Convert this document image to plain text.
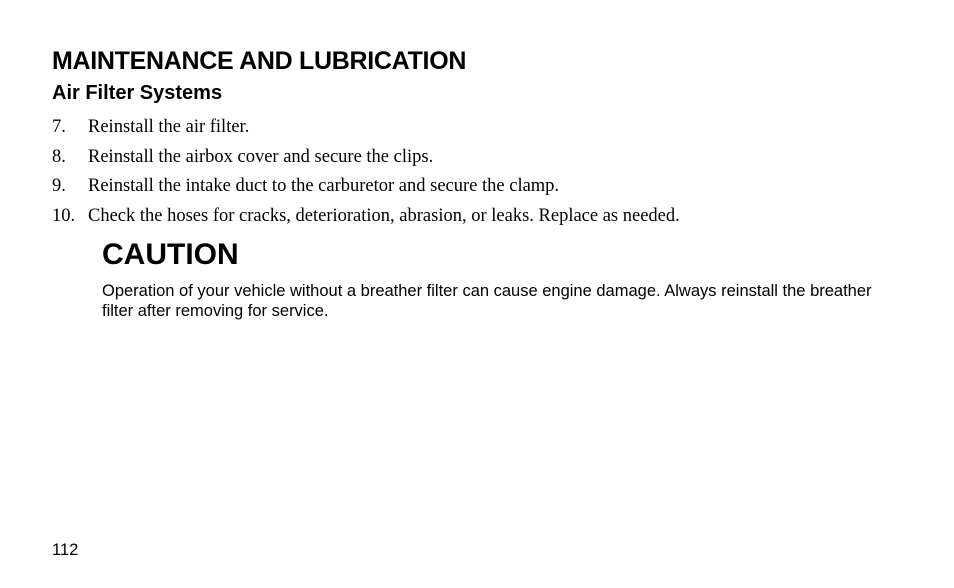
MAINTENANCE AND LUBRICATION
Air Filter Systems
7.	Reinstall the air filter.
8.	Reinstall the airbox cover and secure the clips.
9.	Reinstall the intake duct to the carburetor and secure the clamp.
10. Check the hoses for cracks, deterioration, abrasion, or leaks. Replace as needed.
CAUTION

Operation of your vehicle without a breather filter can cause engine damage. Always reinstall the breather filter after removing for service.

112
